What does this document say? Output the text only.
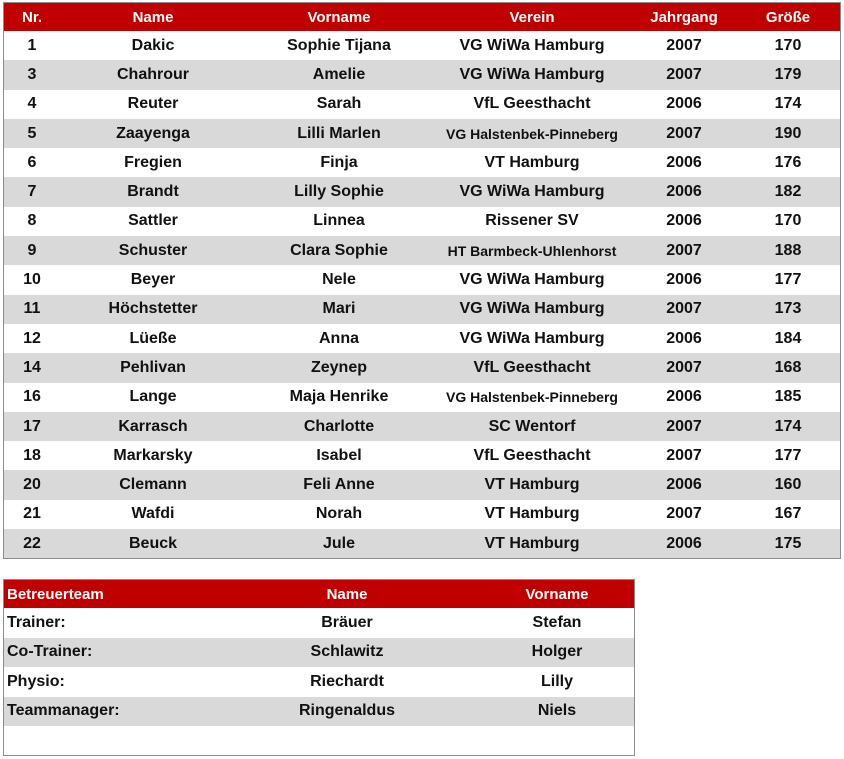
Nr.	Name	Vorname	Verein	Jahrgang	Größe
1	Dakic	Sophie Tijana	VG WiWa Hamburg	2007	170
3	Chahrour	Amelie	VG WiWa Hamburg	2007	179
4	Reuter	Sarah	VfL Geesthacht	2006	174
5	Zaayenga	Lilli Marlen	VG Halstenbek-Pinneberg	2007	190
6	Fregien	Finja	VT Hamburg	2006	176
7	Brandt	Lilly Sophie	VG WiWa Hamburg	2006	182
8	Sattler	Linnea	Rissener SV	2006	170
9	Schuster	Clara Sophie	HT Barmbeck-Uhlenhorst	2007	188
10	Beyer	Nele	VG WiWa Hamburg	2006	177
11	Höchstetter	Mari	VG WiWa Hamburg	2007	173
12	Lüeße	Anna	VG WiWa Hamburg	2006	184
14	Pehlivan	Zeynep	VfL Geesthacht	2007	168
16	Lange	Maja Henrike	VG Halstenbek-Pinneberg	2006	185
17	Karrasch	Charlotte	SC Wentorf	2007	174
18	Markarsky	Isabel	VfL Geesthacht	2007	177
20	Clemann	Feli Anne	VT Hamburg	2006	160
21	Wafdi	Norah	VT Hamburg	2007	167
22	Beuck	Jule	VT Hamburg	2006	175
Betreuerteam	Name	Vorname
Trainer:	Bräuer	Stefan
Co-Trainer:	Schlawitz	Holger
Physio:	Riechardt	Lilly
Teammanager:	Ringenaldus	Niels
